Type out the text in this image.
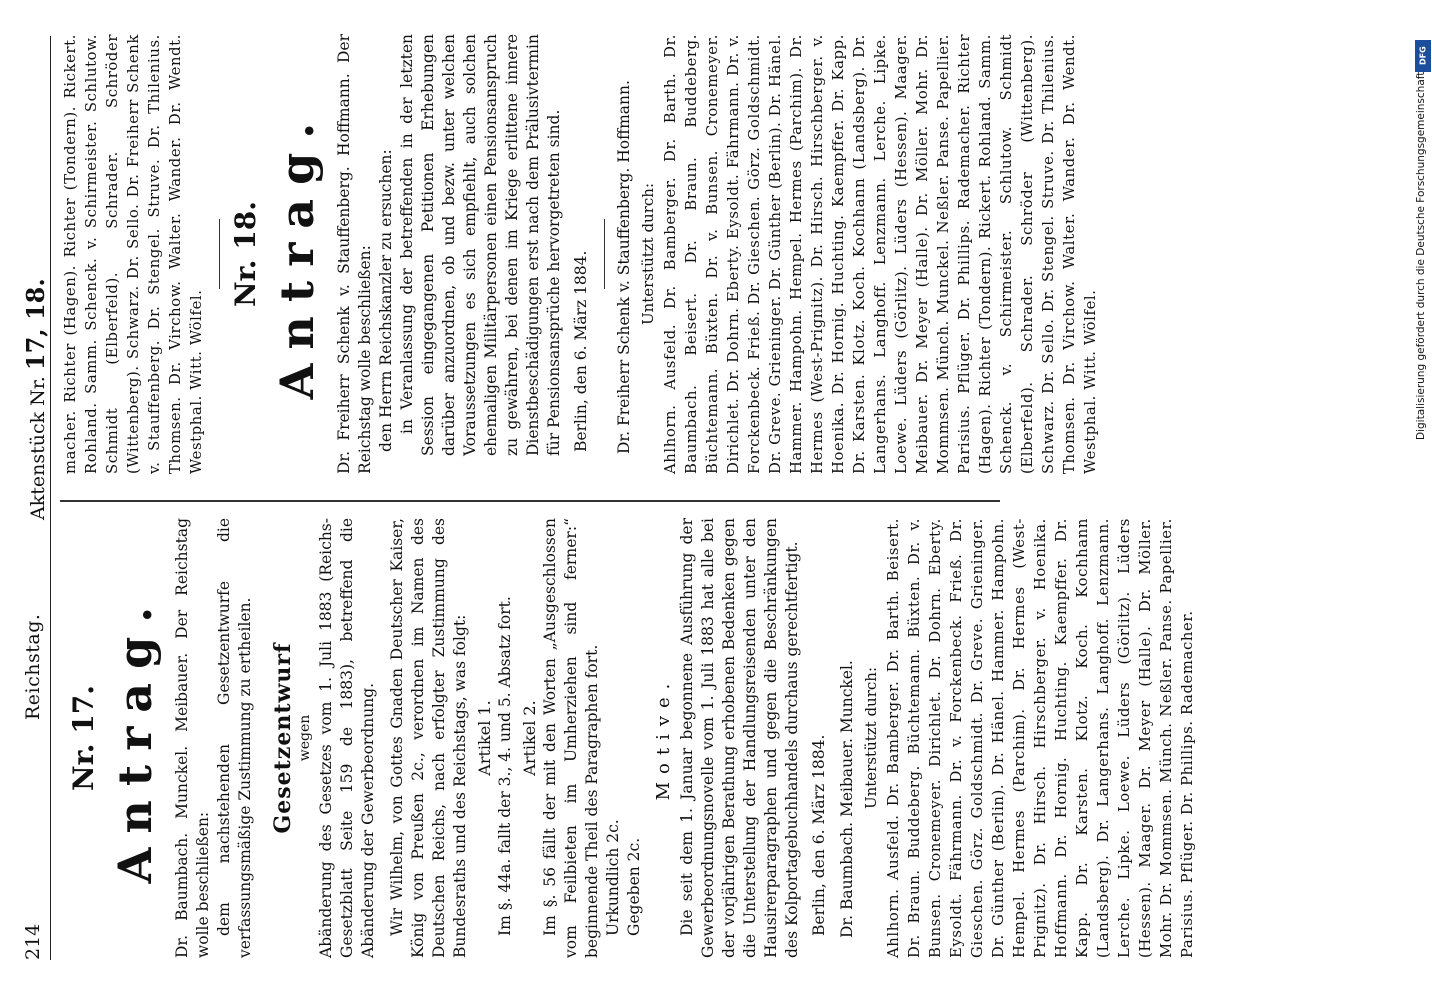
214
Reichstag.
Aktenstück Nr. 17, 18.
Nr. 17. Antrag. Dr. Baumbach. Munckel. Meibauer. Der Reichstag wolle beschließen: dem nachstehenden Gesetzentwurfe die verfassungsmäßige Zustimmung zu ertheilen. Gesetzentwurf wegen Abänderung des Gesetzes vom 1. Juli 1883 (Reichs-Gesetzblatt Seite 159 de 1883), betreffend die Abänderung der Gewerbeordnung. Wir Wilhelm, von Gottes Gnaden Deutscher Kaiser, König von Preußen 2c., verordnen im Namen des Deutschen Reichs, nach erfolgter Zustimmung des Bundesraths und des Reichstags, was folgt: Artikel 1. Im §. 44a. fallt der 3., 4. und 5. Absatz fort. Artikel 2. Im §. 56 fällt der mit den Worten „Ausgeschlossen vom Feilbieten im Umherziehen sind ferner:“ beginnende Theil des Paragraphen fort. Urkundlich 2c. Gegeben 2c.
Motive. Die seit dem 1. Januar begonnene Ausführung der Gewerbeordnungsnovelle vom 1. Juli 1883 hat alle bei der vorjährigen Berathung erhobenen Bedenken gegen die Unterstellung der Handlungsreisenden unter den Hausirerparagraphen und gegen die Beschränkungen des Kolportagebuchhandels durchaus gerechtfertigt. Berlin, den 6. März 1884. Dr. Baumbach. Meibauer. Munckel. Unterstützt durch: Ahlhorn. Ausfeld. Dr. Bamberger. Dr. Barth. Beisert. Dr. Braun. Buddeberg. Büchtemann. Büxten. Dr. v. Bunsen. Cronemeyer. Dirichlet. Dr. Dohrn. Eberty. Eysoldt. Fährmann. Dr. v. Forckenbeck. Frieß. Dr. Gieschen. Görz. Goldschmidt. Dr. Greve. Grieninger. Dr. Günther (Berlin). Dr. Hänel. Hammer. Hampohn. Hempel. Hermes (Parchim). Dr. Hermes (West-Prignitz). Dr. Hirsch. Hirschberger. v. Hoenika. Hoffmann. Dr. Hornig. Huchting. Kaempffer. Dr. Kapp. Dr. Karsten. Klotz. Koch. Kochhann (Landsberg). Dr. Langerhans. Langhoff. Lenzmann. Lerche. Lipke. Loewe. Lüders (Görlitz). Lüders (Hessen). Maager. Dr. Meyer (Halle). Dr. Möller. Mohr. Dr. Mommsen. Münch. Neßler. Panse. Papellier. Parisius. Pflüger. Dr. Phillips. Rademacher.
macher. Richter (Hagen). Richter (Tondern). Rickert. Rohland. Samm. Schenck. v. Schirmeister. Schlutow. Schmidt (Elberfeld). Schrader. Schröder (Wittenberg). Schwarz. Dr. Sello. Dr. Freiherr Schenk v. Stauffenberg. Dr. Stengel. Struve. Dr. Thilenius. Thomsen. Dr. Virchow. Walter. Wander. Dr. Wendt. Westphal. Witt. Wölfel.
Nr. 18. Antrag. Dr. Freiherr Schenk v. Stauffenberg. Hoffmann. Der Reichstag wolle beschließen: den Herrn Reichskanzler zu ersuchen: in Veranlassung der betreffenden in der letzten Session eingegangenen Petitionen Erhebungen darüber anzuordnen, ob und bezw. unter welchen Voraussetzungen es sich empfiehlt, auch solchen ehemaligen Militärpersonen einen Pensionsanspruch zu gewähren, bei denen im Kriege erlittene innere Dienstbeschädigungen erst nach dem Prälusivtermin für Pensionsansprüche hervorgetreten sind. Berlin, den 6. März 1884. Dr. Freiherr Schenk v. Stauffenberg. Hoffmann. Unterstützt durch: Ahlhorn. Ausfeld. Dr. Bamberger. Dr. Barth. Dr. Baumbach. Beisert. Dr. Braun. Buddeberg. Büchtemann. Büxten. Dr. v. Bunsen. Cronemeyer. Dirichlet. Dr. Dohrn. Eberty. Eysoldt. Fährmann. Dr. v. Forckenbeck. Frieß. Dr. Gieschen. Görz. Goldschmidt. Dr. Greve. Grieninger. Dr. Günther (Berlin). Dr. Hänel. Hammer. Hampohn. Hempel. Hermes (Parchim). Dr. Hermes (West-Prignitz). Dr. Hirsch. Hirschberger. v. Hoenika. Dr. Hornig. Huchting. Kaempffer. Dr. Kapp. Dr. Karsten. Klotz. Koch. Kochhann (Landsberg). Dr. Langerhans. Langhoff. Lenzmann. Lerche. Lipke. Loewe. Lüders (Görlitz). Lüders (Hessen). Maager. Meibauer. Dr. Meyer (Halle). Dr. Möller. Mohr. Dr. Mommsen. Münch. Munckel. Neßler. Panse. Papellier. Parisius. Pflüger. Dr. Phillips. Rademacher. Richter (Hagen). Richter (Tondern). Rickert. Rohland. Samm. Schenck. v. Schirmeister. Schlutow. Schmidt (Elberfeld). Schrader. Schröder (Wittenberg). Schwarz. Dr. Sello. Dr. Stengel. Struve. Dr. Thilenius. Thomsen. Dr. Virchow. Walter. Wander. Dr. Wendt. Westphal. Witt. Wölfel.
DFG
Digitalisierung gefördert durch die Deutsche Forschungsgemeinschaft
